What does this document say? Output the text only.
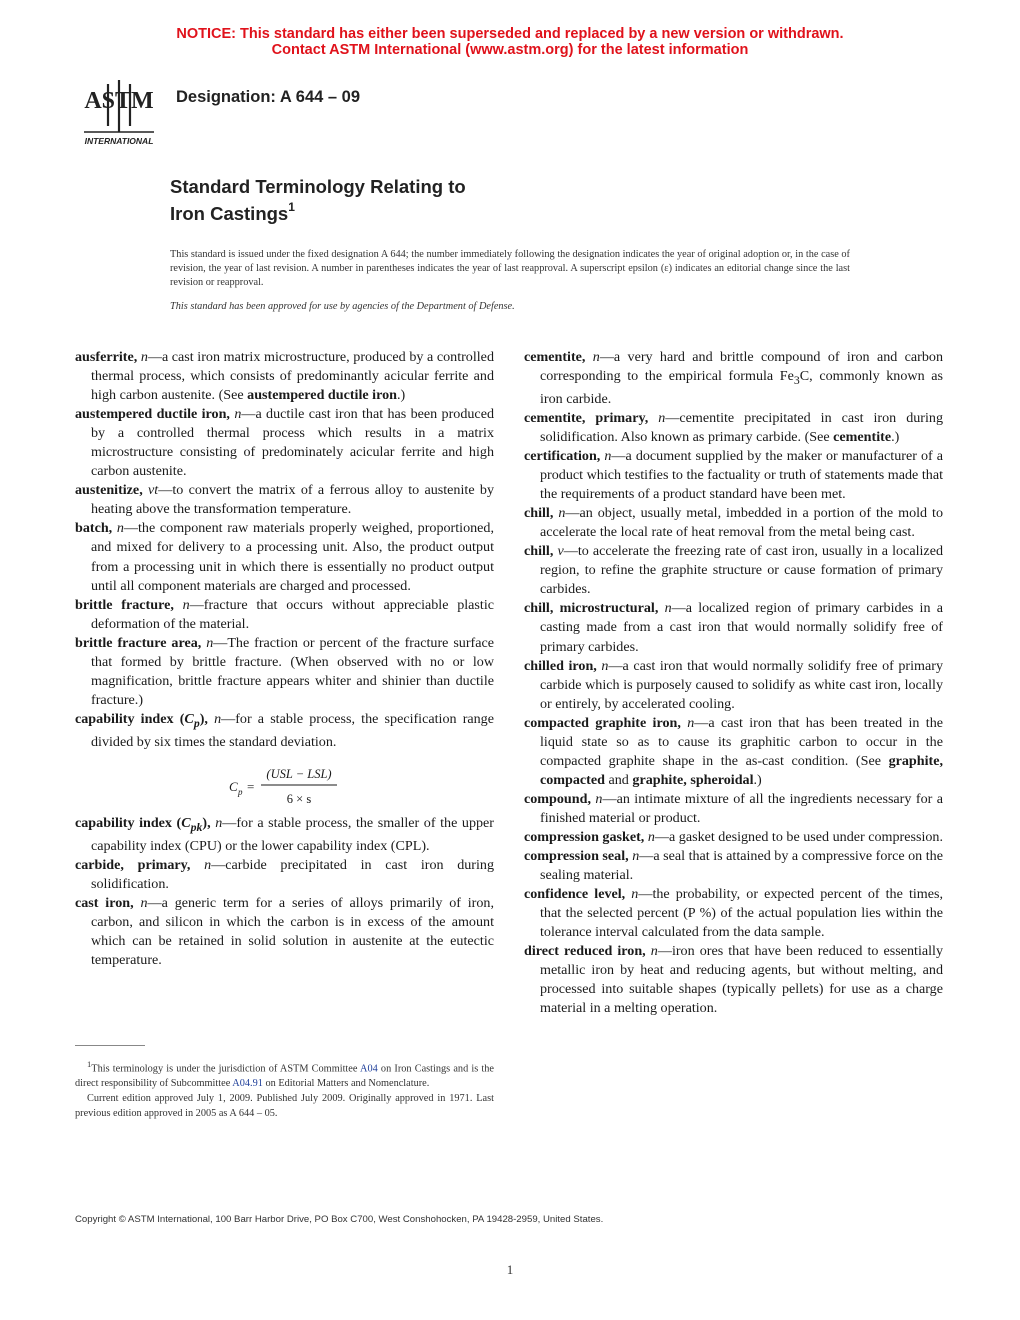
NOTICE: This standard has either been superseded and replaced by a new version or withdrawn.
Contact ASTM International (www.astm.org) for the latest information
ASTM
INTERNATIONAL
Designation: A 644 – 09
Standard Terminology Relating to
Iron Castings$^1$
This standard is issued under the fixed designation A 644; the number immediately following the designation indicates the year of original adoption or, in the case of revision, the year of last revision. A number in parentheses indicates the year of last reapproval. A superscript epsilon (ε) indicates an editorial change since the last revision or reapproval.
This standard has been approved for use by agencies of the Department of Defense.

ausferrite, n—a cast iron matrix microstructure, produced by a controlled thermal process, which consists of predominantly acicular ferrite and high carbon austenite. (See austempered ductile iron.)

austempered ductile iron, n—a ductile cast iron that has been produced by a controlled thermal process which results in a matrix microstructure consisting of predominately acicular ferrite and high carbon austenite.

austenitize, vt—to convert the matrix of a ferrous alloy to austenite by heating above the transformation temperature.

batch, n—the component raw materials properly weighed, proportioned, and mixed for delivery to a processing unit. Also, the product output from a processing unit in which there is essentially no product output until all component materials are charged and processed.

brittle fracture, n—fracture that occurs without appreciable plastic deformation of the material.

brittle fracture area, n—The fraction or percent of the fracture surface that formed by brittle fracture. (When observed with no or low magnification, brittle fracture appears whiter and shinier than ductile fracture.)

capability index $(C_p)$, n—for a stable process, the specification range divided by six times the standard deviation.

C p =
(USL − LSL)
6 × s

capability index $(C_{pk})$, n—for a stable process, the smaller of the upper capability index (CPU) or the lower capability index (CPL).

carbide, primary, n—carbide precipitated in cast iron during solidification.

cast iron, n—a generic term for a series of alloys primarily of iron, carbon, and silicon in which the carbon is in excess of the amount which can be retained in solid solution in austenite at the eutectic temperature.

cementite, n—a very hard and brittle compound of iron and carbon corresponding to the empirical formula $Fe_3C$, commonly known as iron carbide.

cementite, primary, n—cementite precipitated in cast iron during solidification. Also known as primary carbide. (See cementite.)

certification, n—a document supplied by the maker or manufacturer of a product which testifies to the factuality or truth of statements made that the requirements of a product standard have been met.

chill, n—an object, usually metal, imbedded in a portion of the mold to accelerate the local rate of heat removal from the metal being cast.

chill, v—to accelerate the freezing rate of cast iron, usually in a localized region, to refine the graphite structure or cause formation of primary carbides.

chill, microstructural, n—a localized region of primary carbides in a casting made from a cast iron that would normally solidify free of primary carbides.

chilled iron, n—a cast iron that would normally solidify free of primary carbide which is purposely caused to solidify as white cast iron, locally or entirely, by accelerated cooling.

compacted graphite iron, n—a cast iron that has been treated in the liquid state so as to cause its graphitic carbon to occur in the compacted graphite shape in the as-cast condition. (See graphite, compacted and graphite, spheroidal.)

compound, n—an intimate mixture of all the ingredients necessary for a finished material or product.

compression gasket, n—a gasket designed to be used under compression.

compression seal, n—a seal that is attained by a compressive force on the sealing material.

confidence level, n—the probability, or expected percent of the times, that the selected percent (P %) of the actual population lies within the tolerance interval calculated from the data sample.

direct reduced iron, n—iron ores that have been reduced to essentially metallic iron by heat and reducing agents, but without melting, and processed into suitable shapes (typically pellets) for use as a charge material in a melting operation.

$^1$This terminology is under the jurisdiction of ASTM Committee A04 on Iron Castings and is the direct responsibility of Subcommittee A04.91 on Editorial Matters and Nomenclature.

Current edition approved July 1, 2009. Published July 2009. Originally approved in 1971. Last previous edition approved in 2005 as A 644 – 05.

Copyright © ASTM International, 100 Barr Harbor Drive, PO Box C700, West Conshohocken, PA 19428-2959, United States.
1
